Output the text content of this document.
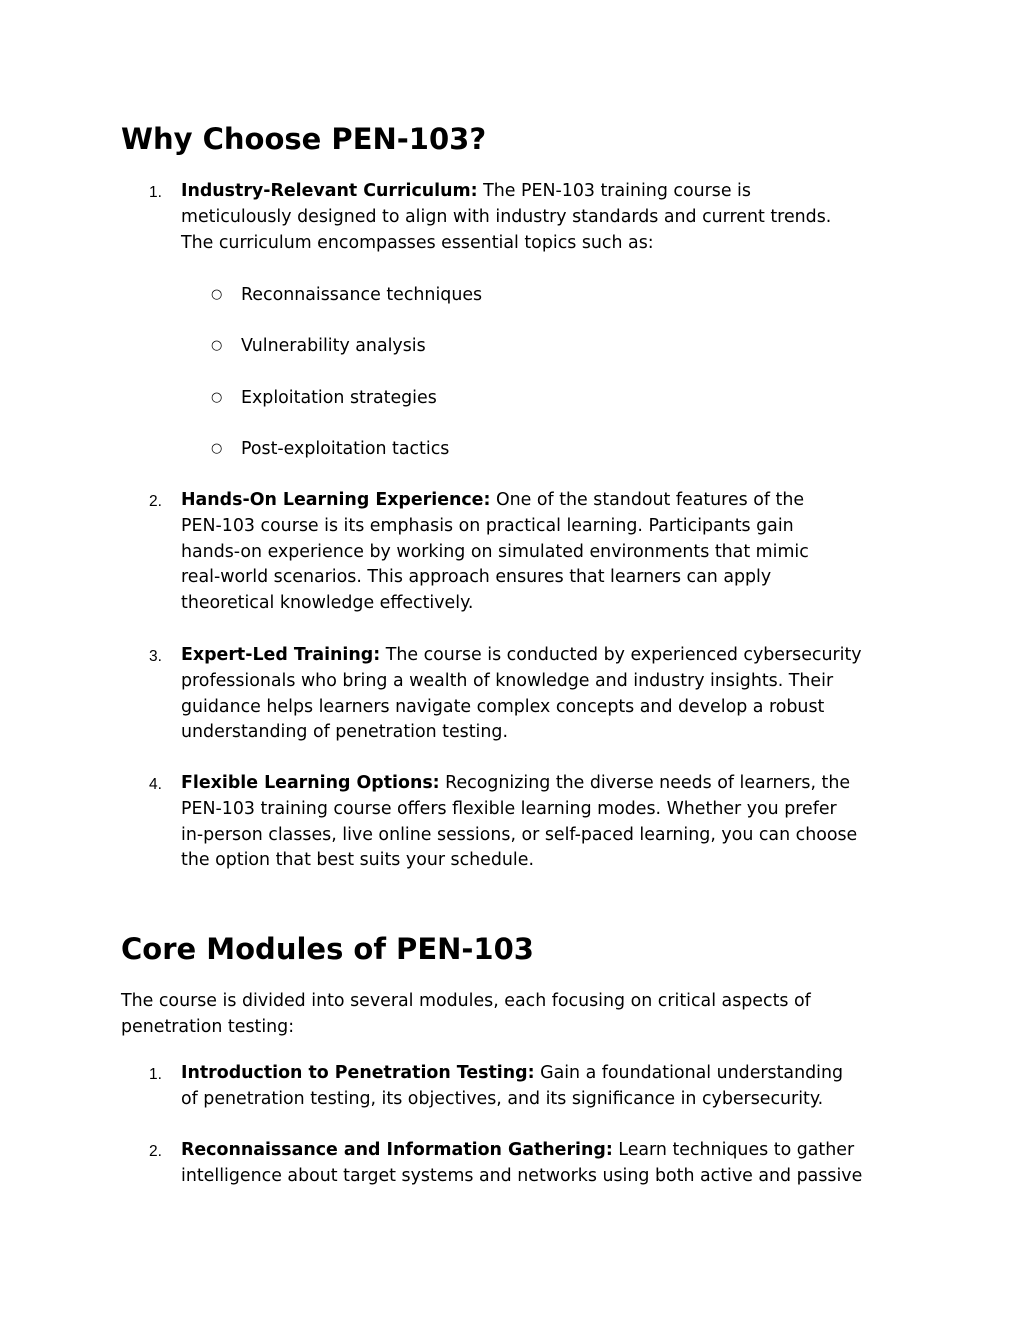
Why Choose PEN-103?
1.	Industry-Relevant Curriculum: The PEN-103 training course is
meticulously designed to align with industry standards and current trends.
The curriculum encompasses essential topics such as:

○ Reconnaissance techniques
○ Vulnerability analysis
○ Exploitation strategies
○ Post-exploitation tactics
2.	Hands-On Learning Experience: One of the standout features of the
PEN-103 course is its emphasis on practical learning. Participants gain
hands-on experience by working on simulated environments that mimic
real-world scenarios. This approach ensures that learners can apply
theoretical knowledge effectively.

3.	Expert-Led Training: The course is conducted by experienced cybersecurity
professionals who bring a wealth of knowledge and industry insights. Their
guidance helps learners navigate complex concepts and develop a robust
understanding of penetration testing.

4.	Flexible Learning Options: Recognizing the diverse needs of learners, the
PEN-103 training course offers flexible learning modes. Whether you prefer
in-person classes, live online sessions, or self-paced learning, you can choose
the option that best suits your schedule.

Core Modules of PEN-103

The course is divided into several modules, each focusing on critical aspects of
penetration testing:

1.	Introduction to Penetration Testing: Gain a foundational understanding
of penetration testing, its objectives, and its significance in cybersecurity.

2.	Reconnaissance and Information Gathering: Learn techniques to gather
intelligence about target systems and networks using both active and passive
